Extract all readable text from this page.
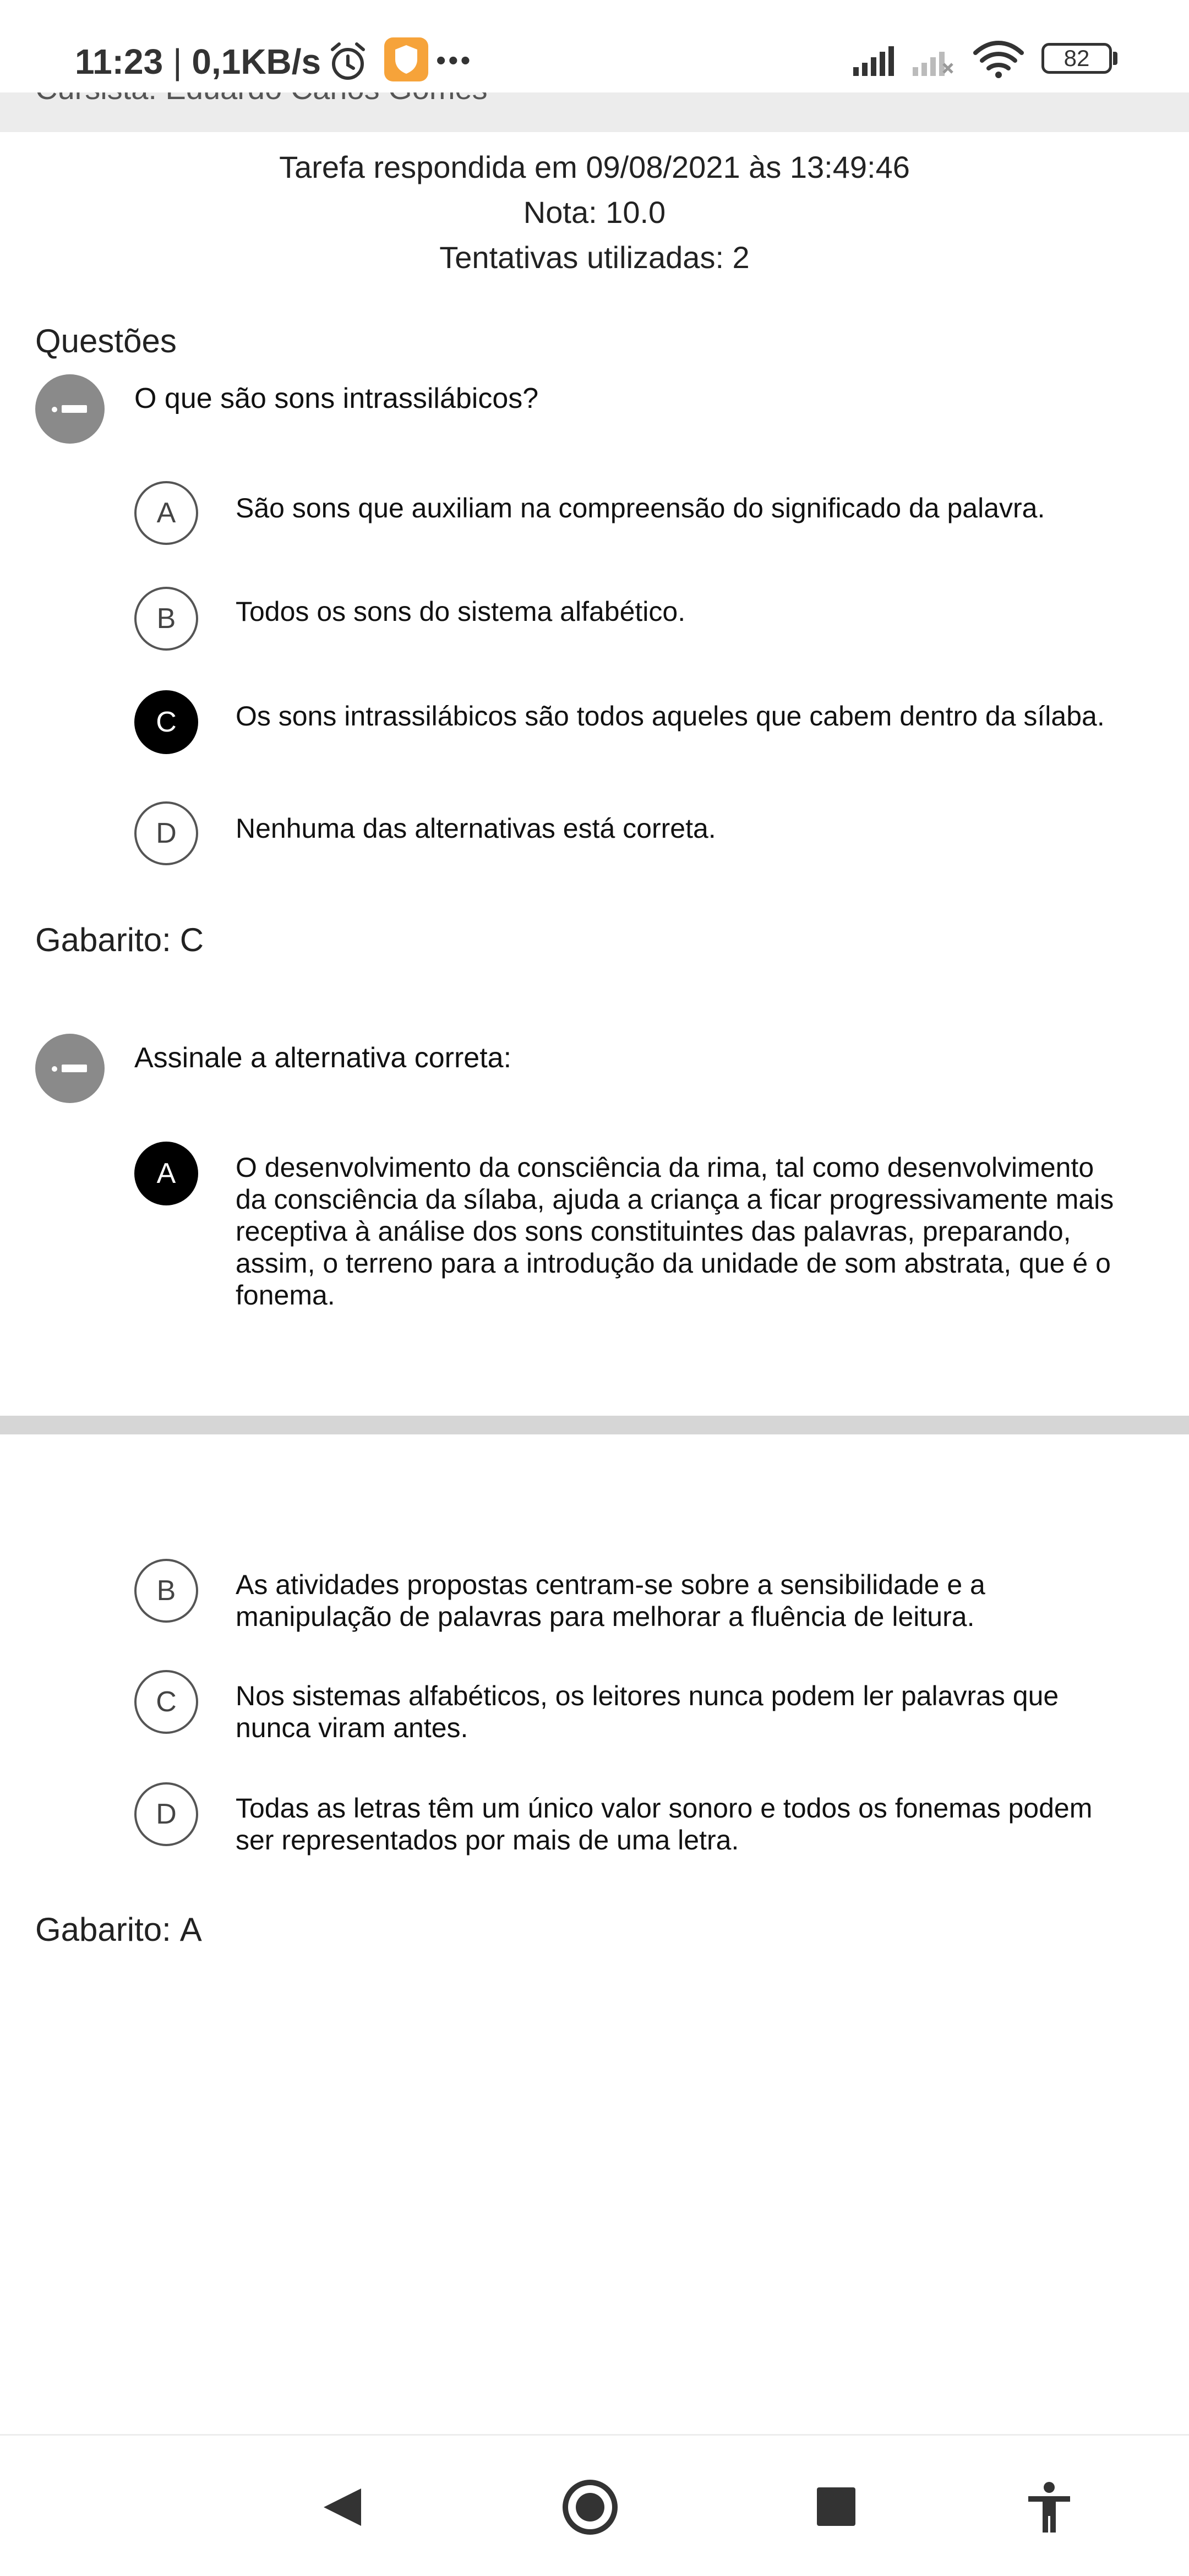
11:23 | 0,1KB/s	•••	82
Tarefa respondida em 09/08/2021 às 13:49:46
Nota: 10.0
Tentativas utilizadas: 2
Questões
O que são sons intrassilábicos?
A	São sons que auxiliam na compreensão do significado da palavra.
B	Todos os sons do sistema alfabético.
C	Os sons intrassilábicos são todos aqueles que cabem dentro da sílaba.
D	Nenhuma das alternativas está correta.
Gabarito: C
Assinale a alternativa correta:
A	O desenvolvimento da consciência da rima, tal como desenvolvimento da consciência da sílaba, ajuda a criança a ficar progressivamente mais receptiva à análise dos sons constituintes das palavras, preparando, assim, o terreno para a introdução da unidade de som abstrata, que é o fonema.
B	As atividades propostas centram-se sobre a sensibilidade e a manipulação de palavras para melhorar a fluência de leitura.
C	Nos sistemas alfabéticos, os leitores nunca podem ler palavras que nunca viram antes.
D	Todas as letras têm um único valor sonoro e todos os fonemas podem ser representados por mais de uma letra.
Gabarito: A
